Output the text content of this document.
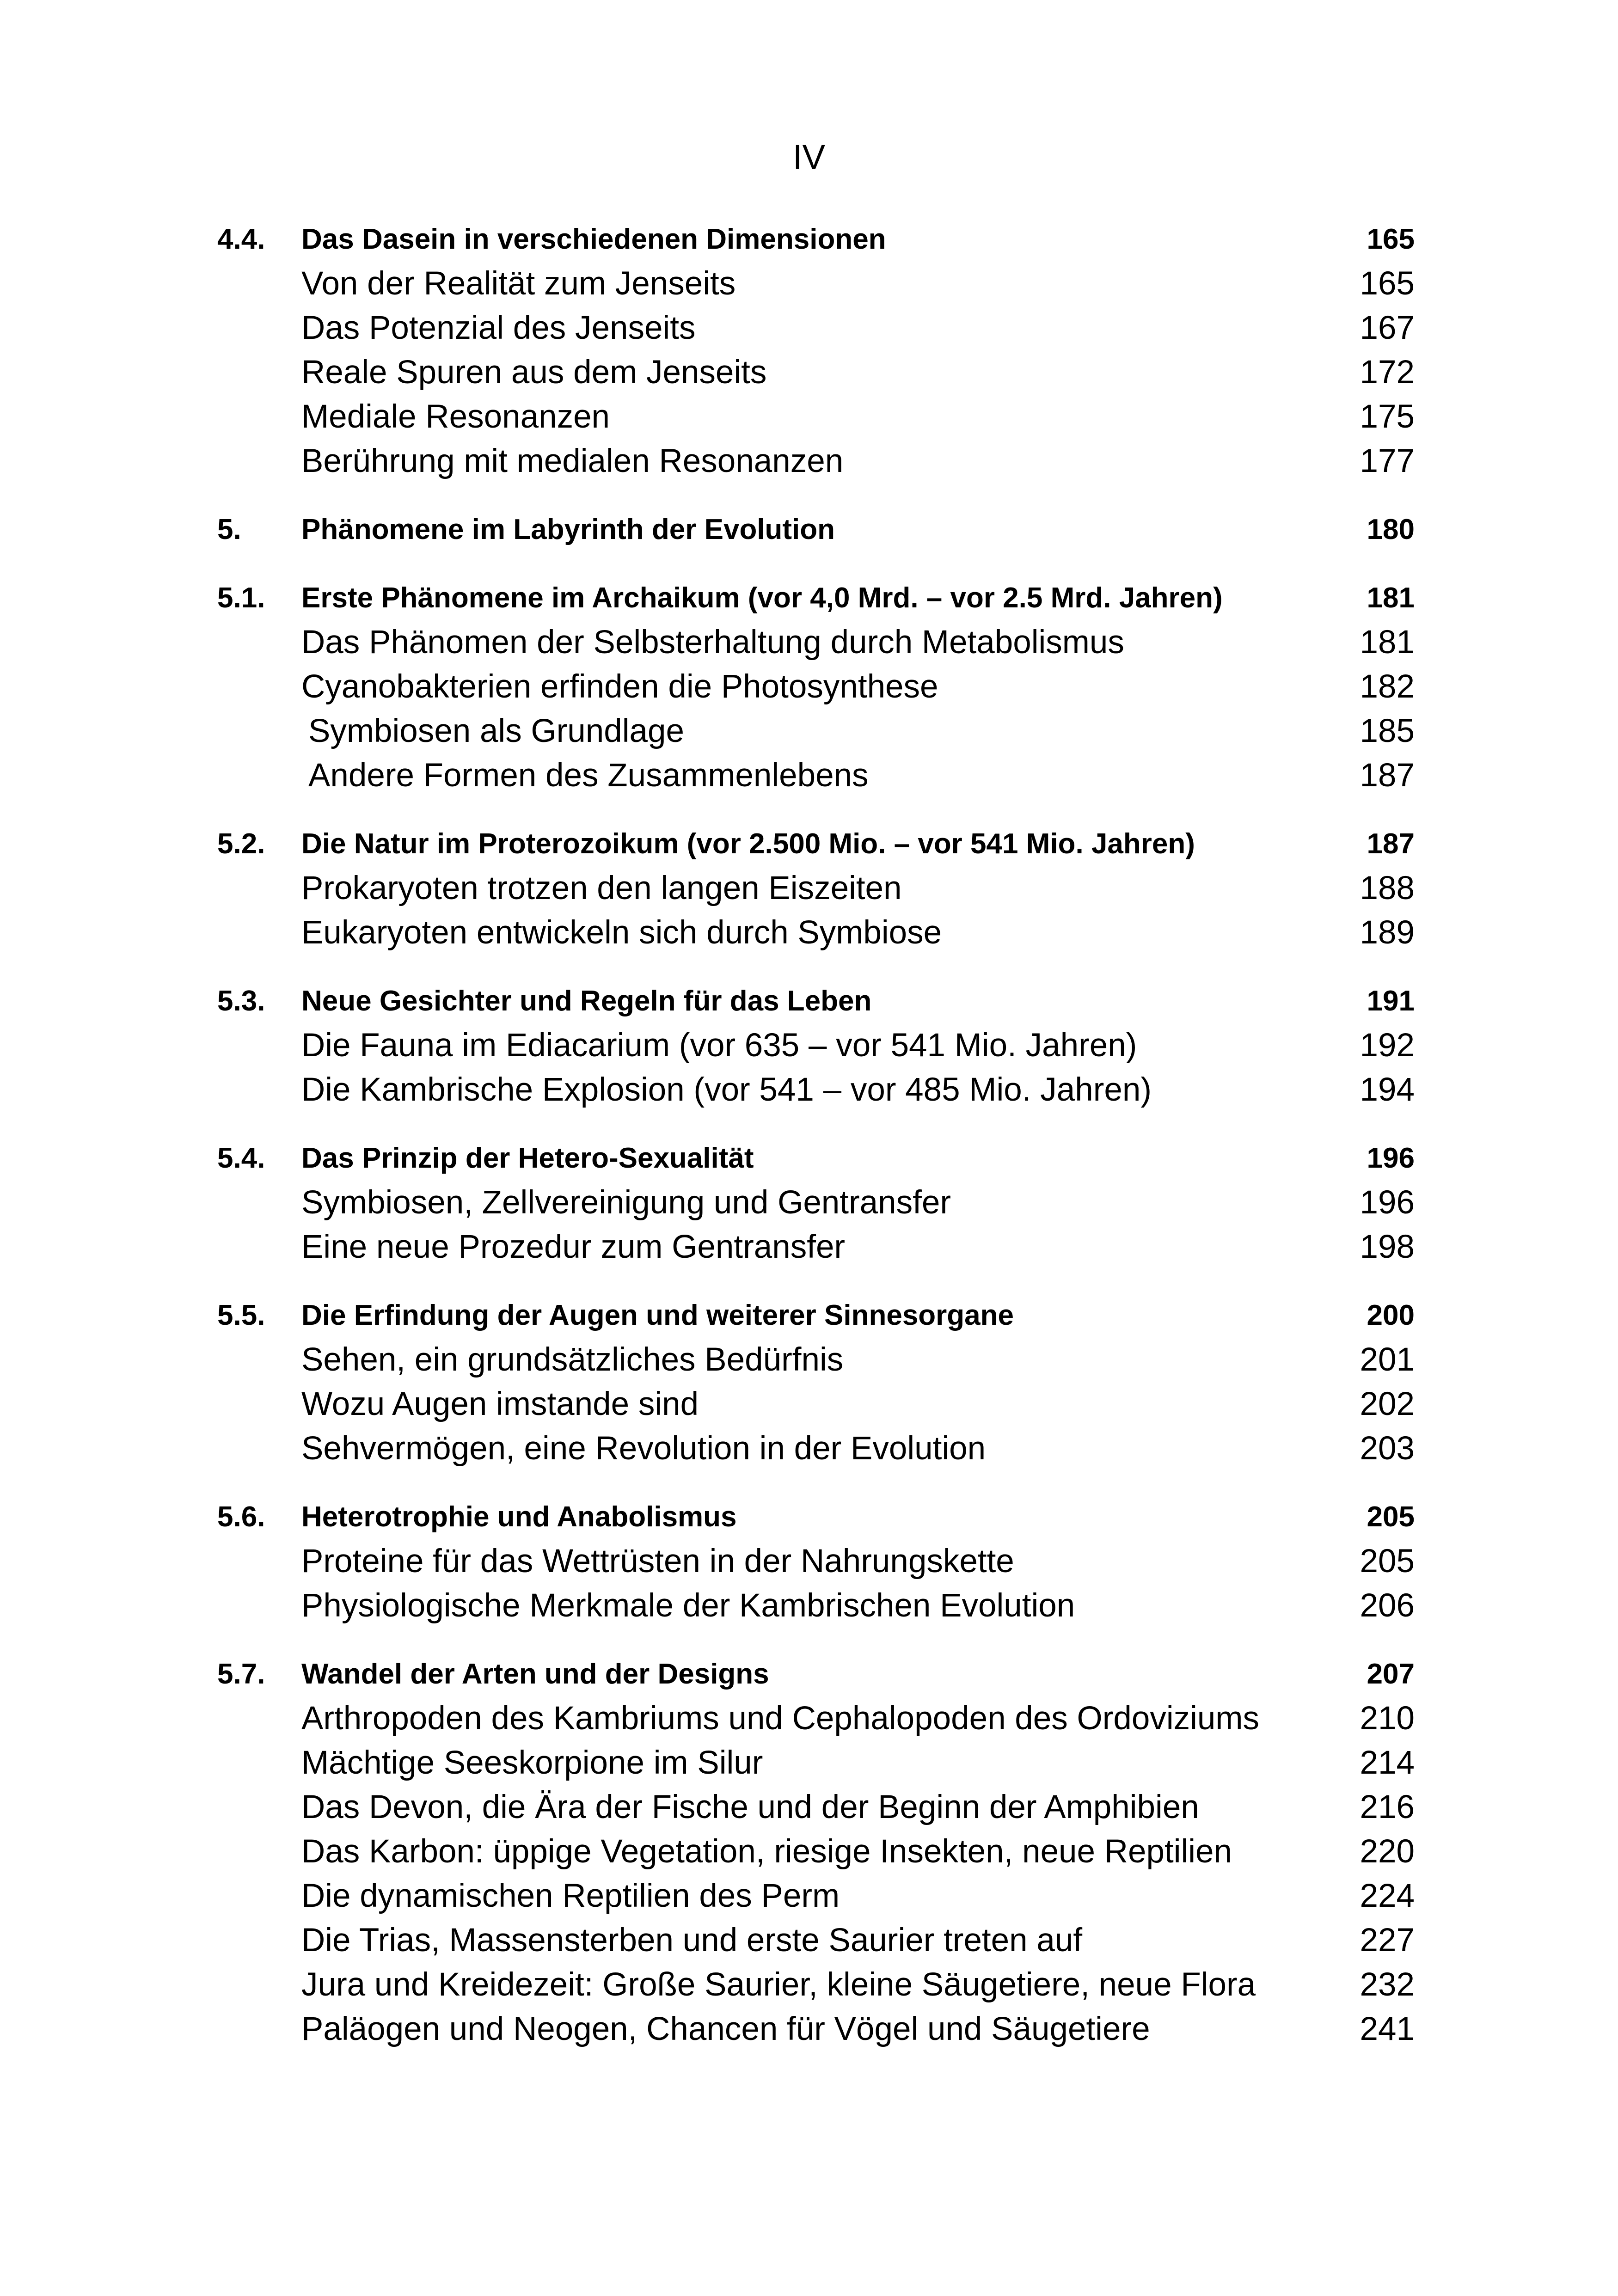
IV
4.4. Das Dasein in verschiedenen Dimensionen	165
Von der Realität zum Jenseits	165
Das Potenzial des Jenseits	167
Reale Spuren aus dem Jenseits	172
Mediale Resonanzen	175
Berührung mit medialen Resonanzen	177
5. Phänomene im Labyrinth der Evolution	180
5.1. Erste Phänomene im Archaikum (vor 4,0 Mrd. – vor 2.5 Mrd. Jahren)	181
Das Phänomen der Selbsterhaltung durch Metabolismus	181
Cyanobakterien erfinden die Photosynthese	182
Symbiosen als Grundlage	185
Andere Formen des Zusammenlebens	187
5.2. Die Natur im Proterozoikum (vor 2.500 Mio. – vor 541 Mio. Jahren)	187
Prokaryoten trotzen den langen Eiszeiten	188
Eukaryoten entwickeln sich durch Symbiose	189
5.3. Neue Gesichter und Regeln für das Leben	191
Die Fauna im Ediacarium (vor 635 – vor 541 Mio. Jahren)	192
Die Kambrische Explosion (vor 541 – vor 485 Mio. Jahren)	194
5.4. Das Prinzip der Hetero-Sexualität	196
Symbiosen, Zellvereinigung und Gentransfer	196
Eine neue Prozedur zum Gentransfer	198
5.5. Die Erfindung der Augen und weiterer Sinnesorgane	200
Sehen, ein grundsätzliches Bedürfnis	201
Wozu Augen imstande sind	202
Sehvermögen, eine Revolution in der Evolution	203
5.6. Heterotrophie und Anabolismus	205
Proteine für das Wettrüsten in der Nahrungskette	205
Physiologische Merkmale der Kambrischen Evolution	206
5.7. Wandel der Arten und der Designs	207
Arthropoden des Kambriums und Cephalopoden des Ordoviziums	210
Mächtige Seeskorpione im Silur	214
Das Devon, die Ära der Fische und der Beginn der Amphibien	216
Das Karbon: üppige Vegetation, riesige Insekten, neue Reptilien	220
Die dynamischen Reptilien des Perm	224
Die Trias, Massensterben und erste Saurier treten auf	227
Jura und Kreidezeit: Große Saurier, kleine Säugetiere, neue Flora	232
Paläogen und Neogen, Chancen für Vögel und Säugetiere	241
